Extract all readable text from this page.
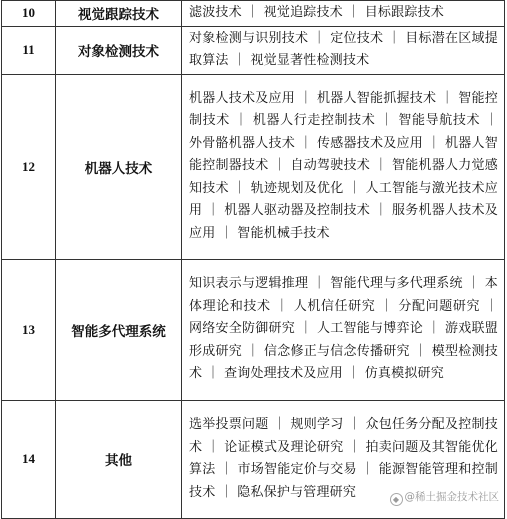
10	视觉跟踪技术	滤波技术 ｜ 视觉追踪技术 ｜ 目标跟踪技术
11	对象检测技术	对象检测与识别技术 ｜ 定位技术 ｜ 目标潜在区域提取算法 ｜ 视觉显著性检测技术
12	机器人技术	机器人技术及应用 ｜ 机器人智能抓握技术 ｜ 智能控制技术 ｜ 机器人行走控制技术 ｜ 智能导航技术 ｜ 外骨骼机器人技术 ｜ 传感器技术及应用 ｜ 机器人智能控制器技术 ｜ 自动驾驶技术 ｜ 智能机器人力觉感知技术 ｜ 轨迹规划及优化 ｜ 人工智能与激光技术应用 ｜ 机器人驱动器及控制技术 ｜ 服务机器人技术及应用 ｜ 智能机械手技术
13	智能多代理系统	知识表示与逻辑推理 ｜ 智能代理与多代理系统 ｜ 本体理论和技术 ｜ 人机信任研究 ｜ 分配问题研究 ｜ 网络安全防御研究 ｜ 人工智能与博弈论 ｜ 游戏联盟形成研究 ｜ 信念修正与信念传播研究 ｜ 模型检测技术 ｜ 查询处理技术及应用 ｜ 仿真模拟研究
14	其他	选举投票问题 ｜ 规则学习 ｜ 众包任务分配及控制技术 ｜ 论证模式及理论研究 ｜ 拍卖问题及其智能优化算法 ｜ 市场智能定价与交易 ｜ 能源智能管理和控制技术 ｜ 隐私保护与管理研究	◆ @稀土掘金技术社区
